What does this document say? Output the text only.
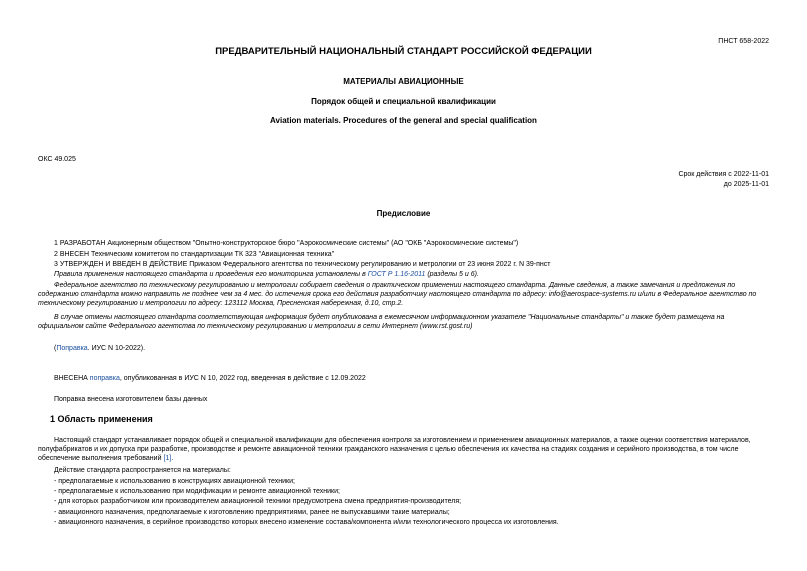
ПНСТ 658-2022
ПРЕДВАРИТЕЛЬНЫЙ НАЦИОНАЛЬНЫЙ СТАНДАРТ РОССИЙСКОЙ ФЕДЕРАЦИИ
МАТЕРИАЛЫ АВИАЦИОННЫЕ
Порядок общей и специальной квалификации
Aviation materials. Procedures of the general and special qualification
ОКС 49.025
Срок действия с 2022-11-01
до 2025-11-01
Предисловие
1 РАЗРАБОТАН Акционерным обществом "Опытно-конструкторское бюро "Аэрокосмические системы" (АО "ОКБ "Аэрокосмические системы")
2 ВНЕСЕН Техническим комитетом по стандартизации ТК 323 "Авиационная техника"
3 УТВЕРЖДЕН И ВВЕДЕН В ДЕЙСТВИЕ Приказом Федерального агентства по техническому регулированию и метрологии от 23 июня 2022 г. N 39-пнст
Правила применения настоящего стандарта и проведения его мониторинга установлены в ГОСТ Р 1.16-2011 (разделы 5 и 6).
Федеральное агентство по техническому регулированию и метрологии собирает сведения о практическом применении настоящего стандарта. Данные сведения, а также замечания и предложения по содержанию стандарта можно направить не позднее чем за 4 мес. до истечения срока его действия разработчику настоящего стандарта по адресу: info@aerospace-systems.ru и/или в Федеральное агентство по техническому регулированию и метрологии по адресу: 123112 Москва, Пресненская набережная, д.10, стр.2.
В случае отмены настоящего стандарта соответствующая информация будет опубликована в ежемесячном информационном указателе "Национальные стандарты" и также будет размещена на официальном сайте Федерального агентства по техническому регулированию и метрологии в сети Интернет (www.rst.gost.ru)
(Поправка. ИУС N 10-2022).
ВНЕСЕНА поправка, опубликованная в ИУС N 10, 2022 год, введенная в действие с 12.09.2022
Поправка внесена изготовителем базы данных
1 Область применения
Настоящий стандарт устанавливает порядок общей и специальной квалификации для обеспечения контроля за изготовлением и применением авиационных материалов, а также оценки соответствия материалов, полуфабрикатов и их допуска при разработке, производстве и ремонте авиационной техники гражданского назначения с целью обеспечения их качества на стадиях создания и серийного производства, в том числе обеспечение выполнения требований [1].
Действие стандарта распространяется на материалы:
- предполагаемые к использованию в конструкциях авиационной техники;
- предполагаемые к использованию при модификации и ремонте авиационной техники;
- для которых разработчиком или производителем авиационной техники предусмотрена смена предприятия-производителя;
- авиационного назначения, предполагаемые к изготовлению предприятиями, ранее не выпускавшими такие материалы;
- авиационного назначения, в серийное производство которых внесено изменение состава/компонента и/или технологического процесса их изготовления.
